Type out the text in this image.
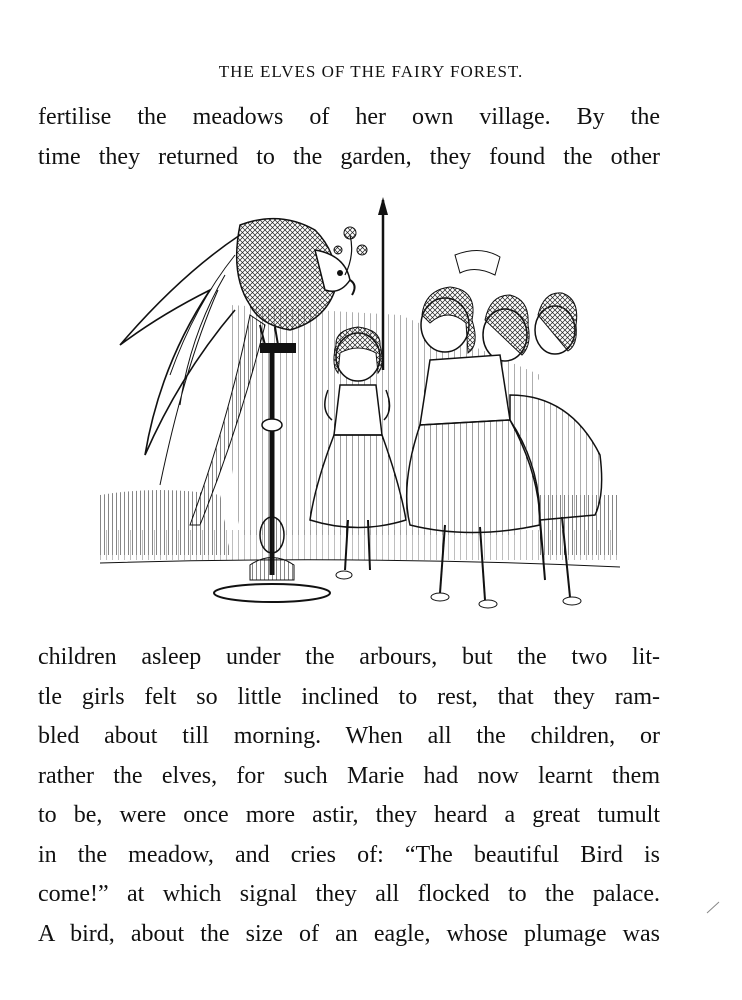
THE ELVES OF THE FAIRY FOREST.
fertilise the meadows of her own village. By the
time they returned to the garden, they found the other
children asleep under the arbours, but the two lit-
tle girls felt so little inclined to rest, that they ram-
bled about till morning. When all the children, or
rather the elves, for such Marie had now learnt them
to be, were once more astir, they heard a great tumult
in the meadow, and cries of: “The beautiful Bird is
come!” at which signal they all flocked to the palace.
A bird, about the size of an eagle, whose plumage was
